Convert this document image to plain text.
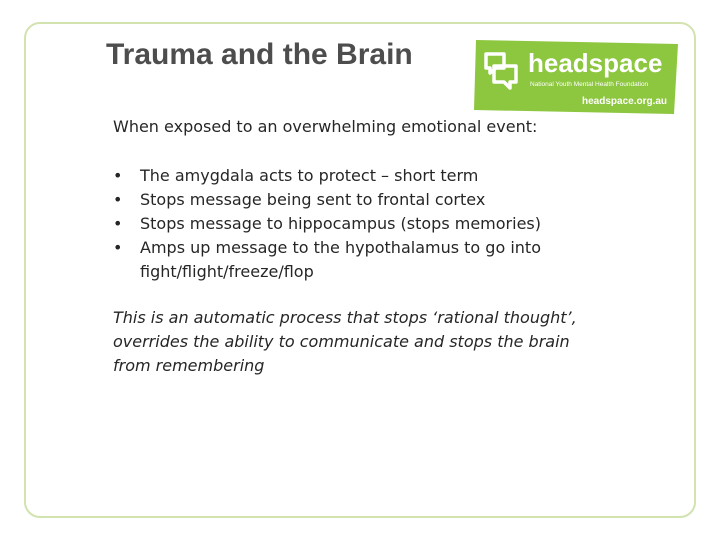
Trauma and the Brain	headspace
National Youth Mental Health Foundation
headspace.org.au
When exposed to an overwhelming emotional event:
• The amygdala acts to protect – short term
• Stops message being sent to frontal cortex
• Stops message to hippocampus (stops memories)
• Amps up message to the hypothalamus to go into fight/flight/freeze/flop
This is an automatic process that stops ‘rational thought’, overrides the ability to communicate and stops the brain from remembering
